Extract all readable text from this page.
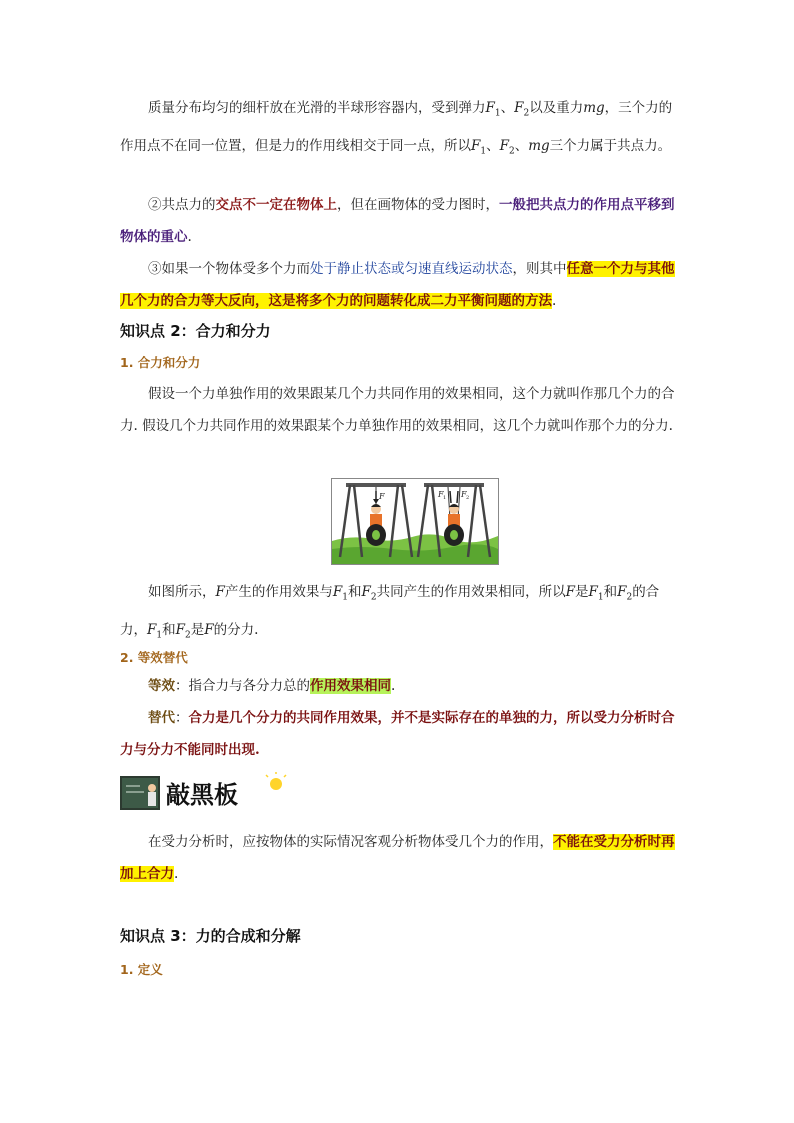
质量分布均匀的细杆放在光滑的半球形容器内，受到弹力$F_1$、$F_2$以及重力mg，三个力的作用点不在同一位置，但是力的作用线相交于同一点，所以$F_1$、$F_2$、mg三个力属于共点力。

②共点力的交点不一定在物体上，但在画物体的受力图时，一般把共点力的作用点平移到物体的重心.

③如果一个物体受多个力而处于静止状态或匀速直线运动状态，则其中任意一个力与其他几个力的合力等大反向，这是将多个力的问题转化成二力平衡问题的方法.

知识点 2：合力和分力

1. 合力和分力

假设一个力单独作用的效果跟某几个力共同作用的效果相同，这个力就叫作那几个力的合力. 假设几个力共同作用的效果跟某个力单独作用的效果相同，这几个力就叫作那个力的分力.

F	F 1 F 2

如图所示，F产生的作用效果与$F_1$和$F_2$共同产生的作用效果相同，所以F是$F_1$和$F_2$的合力，$F_1$和$F_2$是F的分力.

2. 等效替代

等效：指合力与各分力总的作用效果相同.

替代：合力是几个分力的共同作用效果，并不是实际存在的单独的力，所以受力分析时合力与分力不能同时出现.

敲黑板

在受力分析时，应按物体的实际情况客观分析物体受几个力的作用，不能在受力分析时再加上合力.

知识点 3：力的合成和分解

1. 定义
